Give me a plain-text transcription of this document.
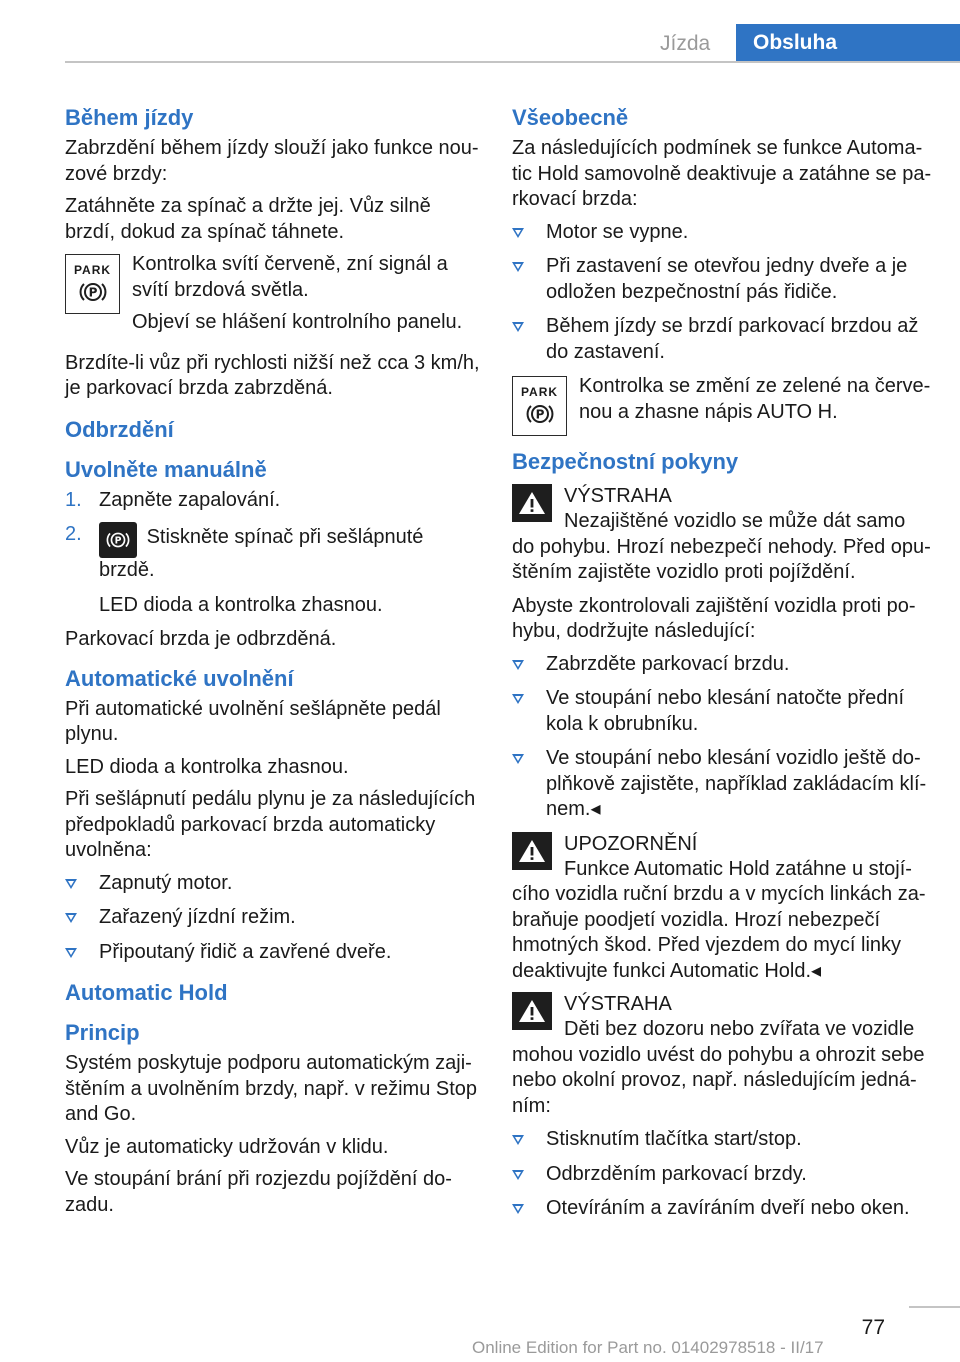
Jízda	Obsluha
Během jízdy
Zabrzdění během jízdy slouží jako funkce nou‐zové brzdy:
Zatáhněte za spínač a držte jej. Vůz silně brzdí, dokud za spínač táhnete.
PARK
P
Kontrolka svítí červeně, zní signál a svítí brzdová světla.
Objeví se hlášení kontrolního panelu.
Brzdíte‐li vůz při rychlosti nižší než cca 3 km/h, je parkovací brzda zabrzděná.
Odbrzdění
Uvolněte manuálně
1. Zapněte zapalování.
2.	P Stiskněte spínač při sešlápnuté brzdě.
LED dioda a kontrolka zhasnou.
Parkovací brzda je odbrzděná.
Automatické uvolnění
Při automatické uvolnění sešlápněte pedál plynu.
LED dioda a kontrolka zhasnou.
Při sešlápnutí pedálu plynu je za následujících předpokladů parkovací brzda automaticky uvolněna:
Zapnutý motor.
Zařazený jízdní režim.
Připoutaný řidič a zavřené dveře.
Automatic Hold
Princip
Systém poskytuje podporu automatickým zaji‐štěním a uvolněním brzdy, např. v režimu Stop and Go.
Vůz je automaticky udržován v klidu.
Ve stoupání brání při rozjezdu pojíždění do‐zadu.
Všeobecně
Za následujících podmínek se funkce Automa‐tic Hold samovolně deaktivuje a zatáhne se pa‐rkovací brzda:
Motor se vypne.
Při zastavení se otevřou jedny dveře a je odložen bezpečnostní pás řidiče.
Během jízdy se brzdí parkovací brzdou až do zastavení.
PARK
P
Kontrolka se změní ze zelené na červe‐nou a zhasne nápis AUTO H.
Bezpečnostní pokyny
VÝSTRAHA
Nezajištěné vozidlo se může dát samo do pohybu. Hrozí nebezpečí nehody. Před opu‐štěním zajistěte vozidlo proti pojíždění.
Abyste zkontrolovali zajištění vozidla proti po‐hybu, dodržujte následující:
Zabrzděte parkovací brzdu.
Ve stoupání nebo klesání natočte přední kola k obrubníku.
Ve stoupání nebo klesání vozidlo ještě do‐plňkově zajistěte, například zakládacím klí‐nem.◂
UPOZORNĚNÍ
Funkce Automatic Hold zatáhne u stojí‐cího vozidla ruční brzdu a v mycích linkách za‐braňuje poodjetí vozidla. Hrozí nebezpečí hmotných škod. Před vjezdem do mycí linky deaktivujte funkci Automatic Hold.◂
VÝSTRAHA
Děti bez dozoru nebo zvířata ve vozidle mohou vozidlo uvést do pohybu a ohrozit sebe nebo okolní provoz, např. následujícím jedná‐ním:
Stisknutím tlačítka start/stop.
Odbrzděním parkovací brzdy.
Otevíráním a zavíráním dveří nebo oken.
77
Online Edition for Part no. 01402978518 - II/17
